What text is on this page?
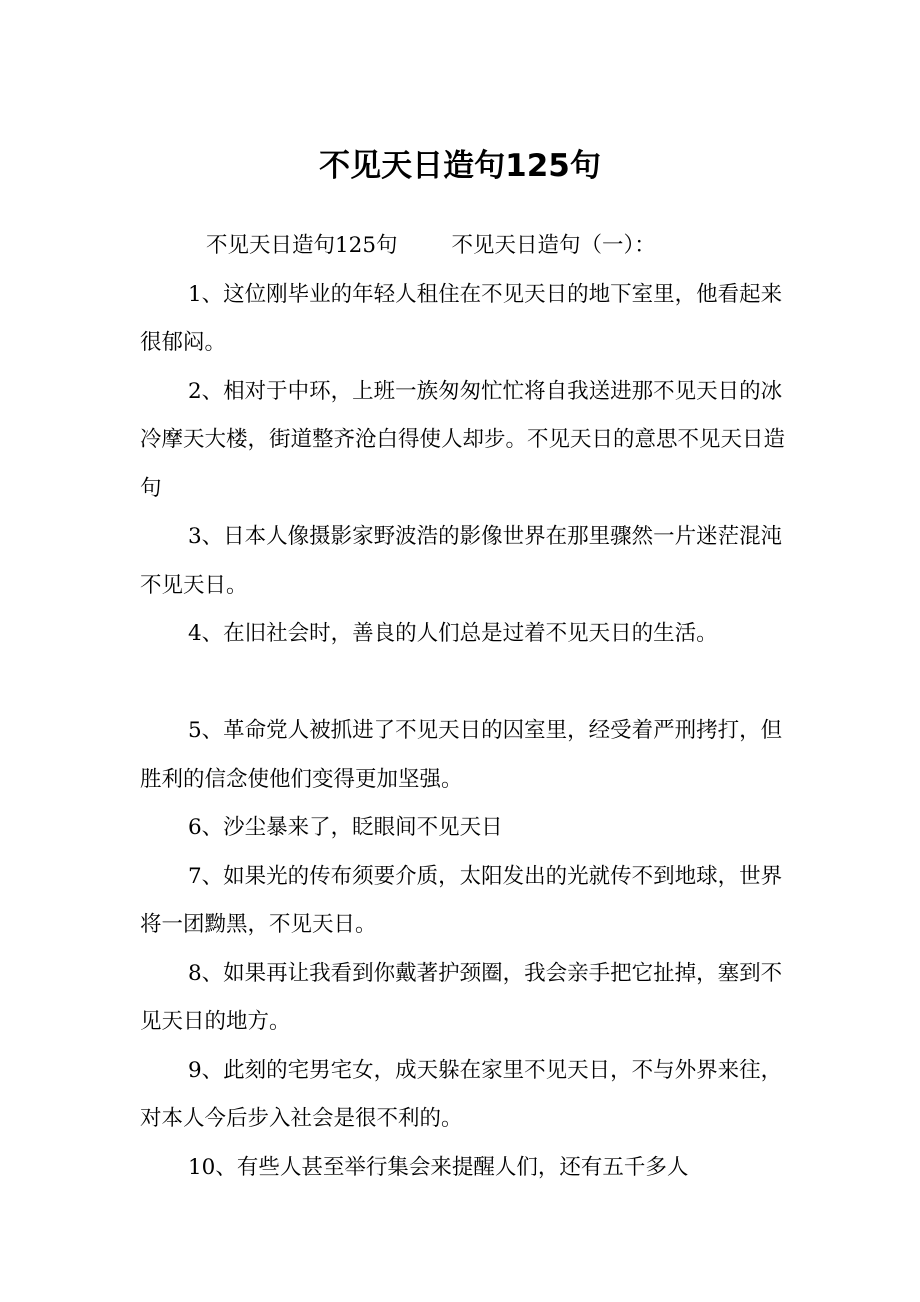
不见天日造句125句

不见天日造句125句	不见天日造句（一）：

1、这位刚毕业的年轻人租住在不见天日的地下室里，他看起来很郁闷。

2、相对于中环，上班一族匆匆忙忙将自我送进那不见天日的冰冷摩天大楼，街道整齐沧白得使人却步。不见天日的意思不见天日造句

3、日本人像摄影家野波浩的影像世界在那里骤然一片迷茫混沌不见天日。

4、在旧社会时，善良的人们总是过着不见天日的生活。

5、革命党人被抓进了不见天日的囚室里，经受着严刑拷打，但胜利的信念使他们变得更加坚强。

6、沙尘暴来了，眨眼间不见天日

7、如果光的传布须要介质，太阳发出的光就传不到地球，世界将一团黝黑，不见天日。

8、如果再让我看到你戴著护颈圈，我会亲手把它扯掉，塞到不见天日的地方。

9、此刻的宅男宅女，成天躲在家里不见天日，不与外界来往，对本人今后步入社会是很不利的。

10、有些人甚至举行集会来提醒人们，还有五千多人
